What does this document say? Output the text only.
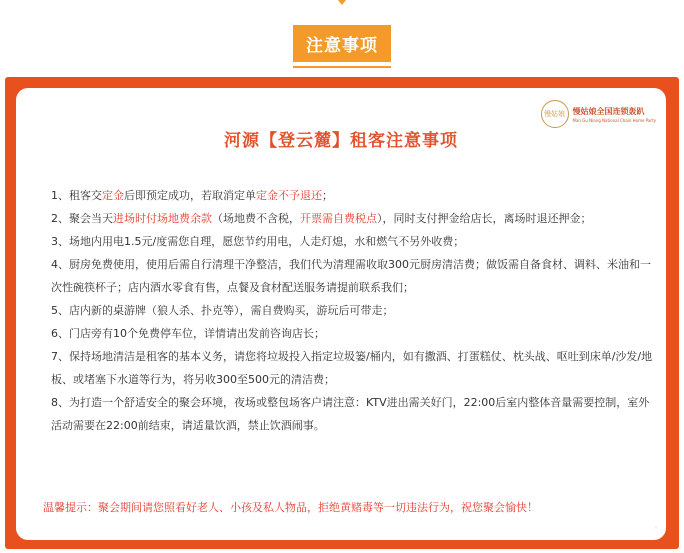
注意事项
慢姑娘 慢姑娘全国连锁轰趴
Man Gu Niang National Chain Home Party
河源【登云麓】租客注意事项
1、租客交定金后即预定成功，若取消定单定金不予退还；
2、聚会当天进场时付场地费余款（场地费不含税，开票需自费税点），同时支付押金给店长，离场时退还押金；
3、场地内用电1.5元/度需您自理，愿您节约用电，人走灯熄，水和燃气不另外收费；
4、厨房免费使用，使用后需自行清理干净整洁，我们代为清理需收取300元厨房清洁费；做饭需自备食材、调料、米油和一次性碗筷杯子；店内酒水零食有售，点餐及食材配送服务请提前联系我们；
5、店内新的桌游牌（狼人杀、扑克等），需自费购买，游玩后可带走；
6、门店旁有10个免费停车位，详情请出发前咨询店长；
7、保持场地清洁是租客的基本义务，请您将垃圾投入指定垃圾篓/桶内，如有撒酒、打蛋糕仗、枕头战、呕吐到床单/沙发/地板、或堵塞下水道等行为，将另收300至500元的清洁费；
8、为打造一个舒适安全的聚会环境，夜场或整包场客户请注意：KTV进出需关好门，22:00后室内整体音量需要控制，室外活动需要在22:00前结束，请适量饮酒，禁止饮酒闹事。
温馨提示：聚会期间请您照看好老人、小孩及私人物品，拒绝黄赌毒等一切违法行为，祝您聚会愉快！
◦
